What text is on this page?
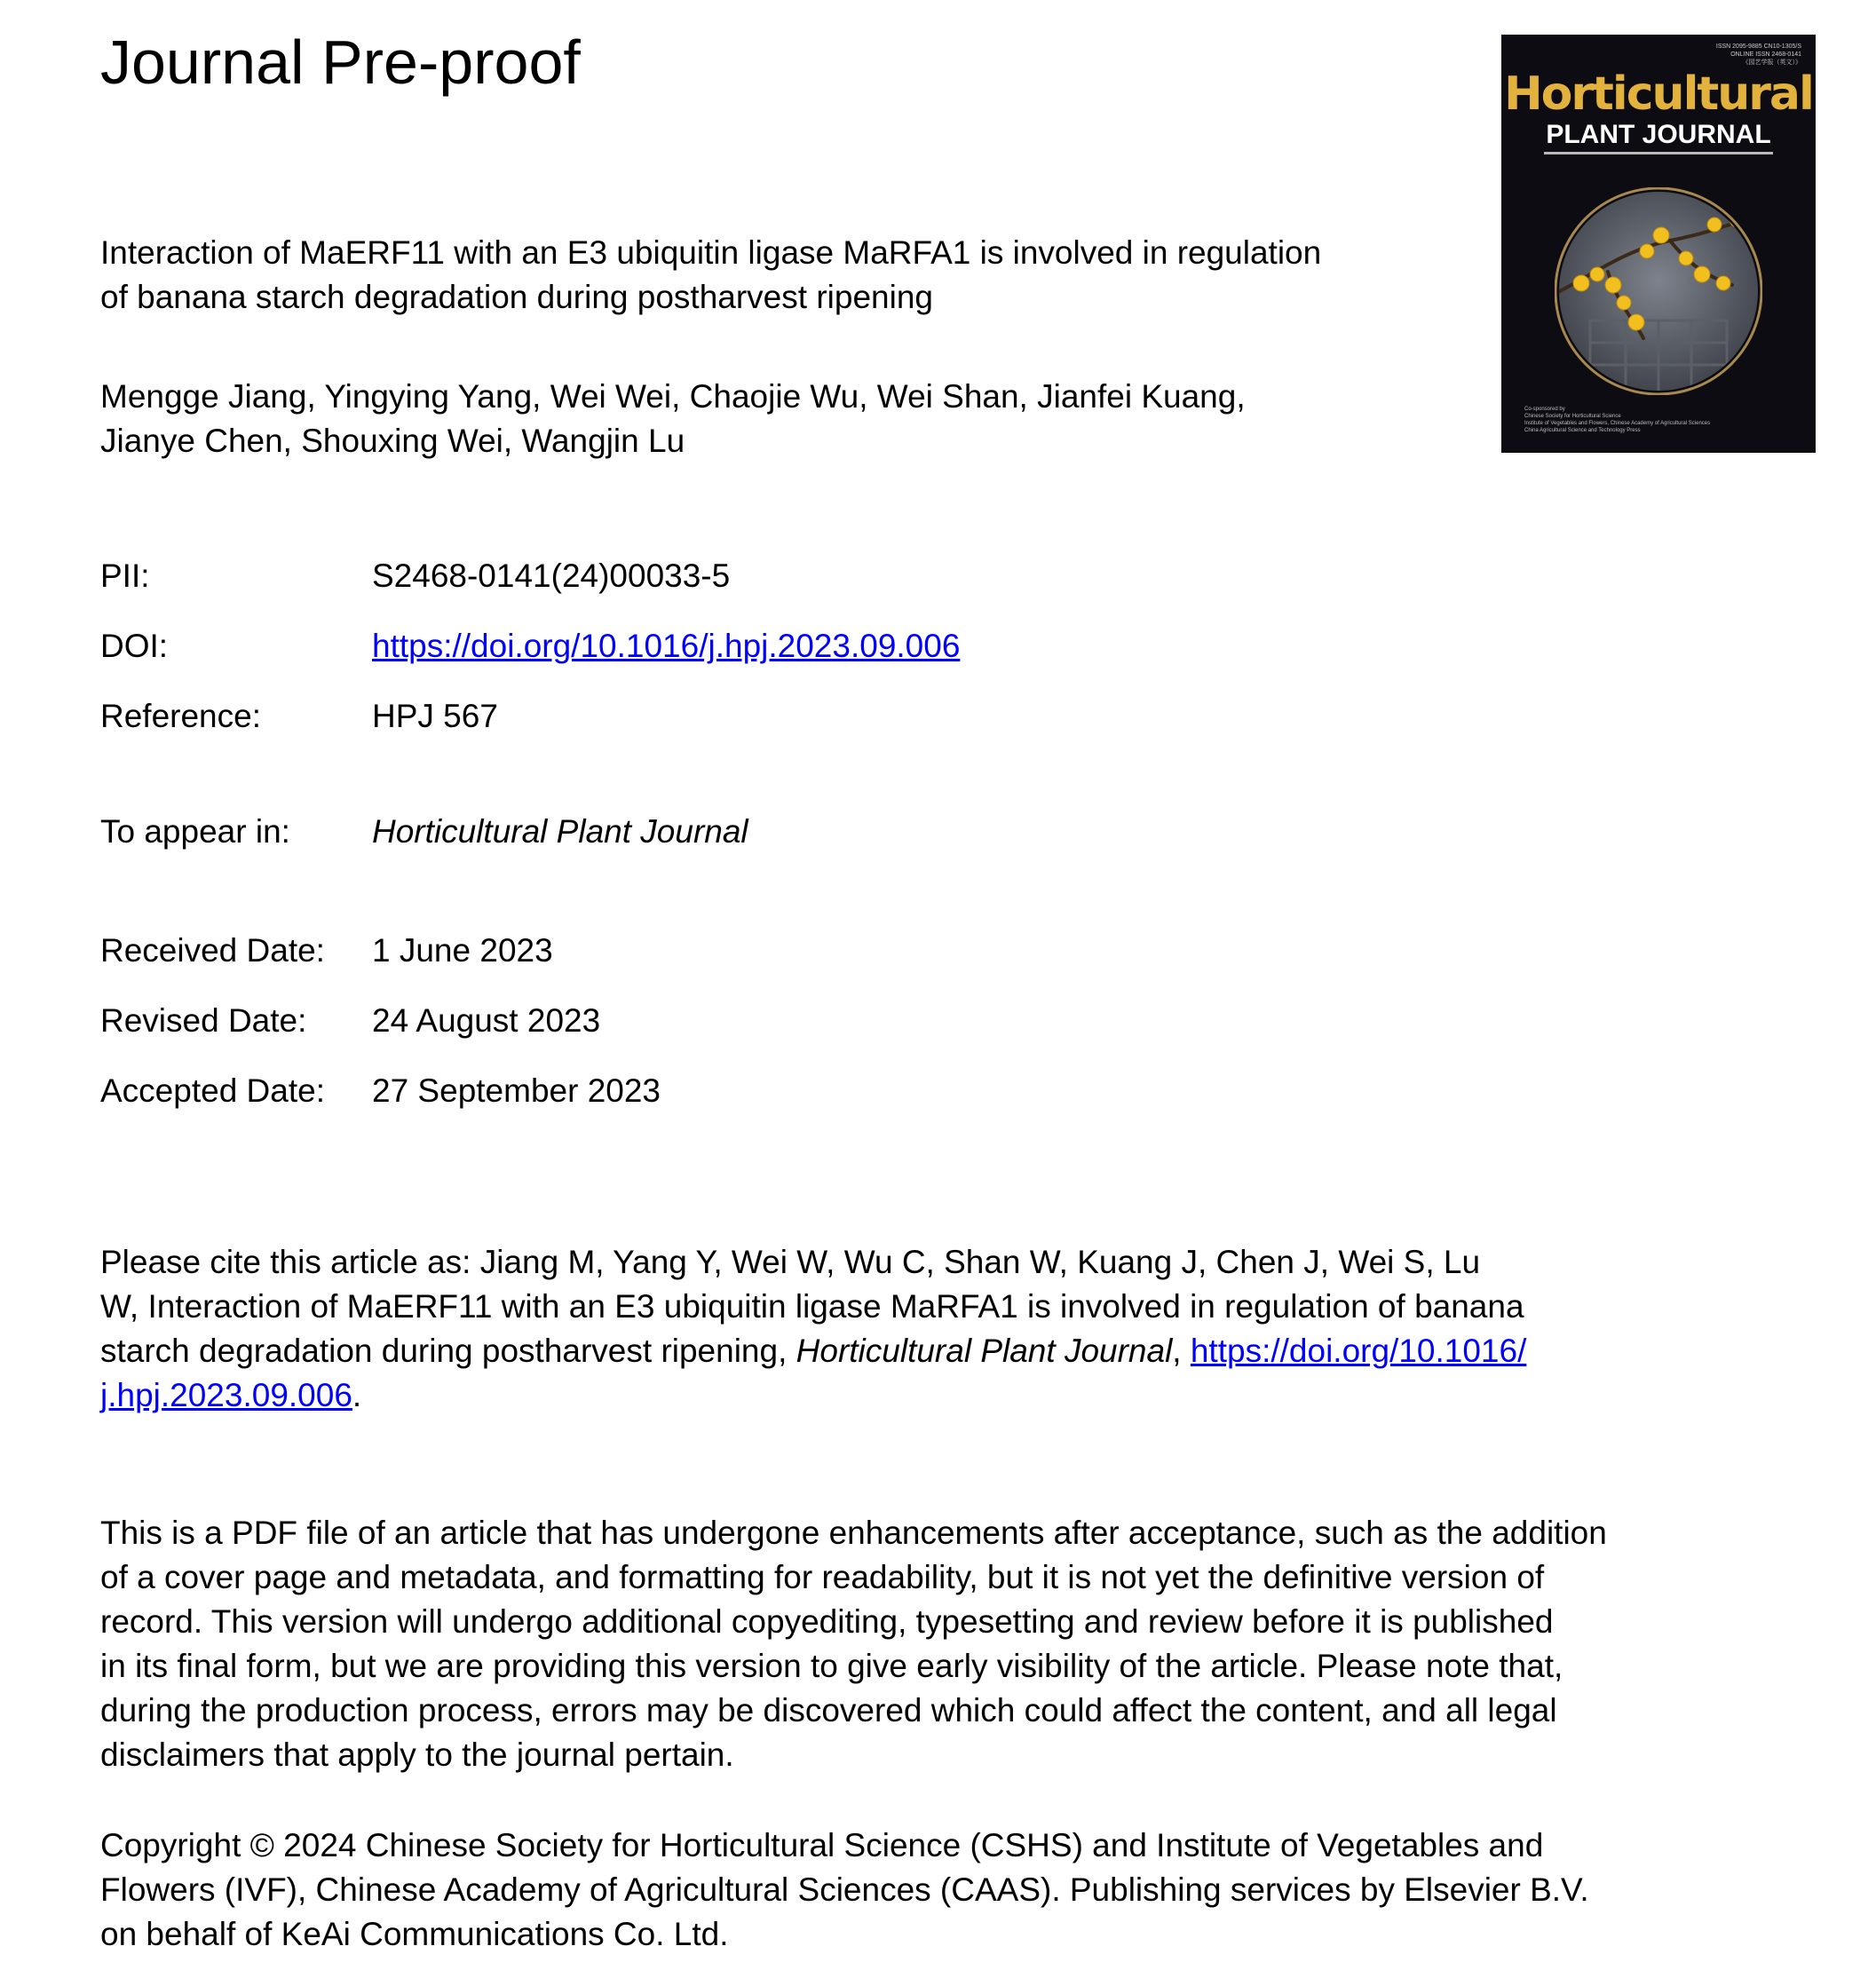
Journal Pre-proof	ISSN 2095-9885 CN10-1305/S
ONLINE ISSN 2468-0141
《园艺学报（英文）》
Horticultural
PLANT JOURNAL
Co-sponsored by
Chinese Society for Horticultural Science
Institute of Vegetables and Flowers, Chinese Academy of Agricultural Sciences
China Agricultural Science and Technology Press
Interaction of MaERF11 with an E3 ubiquitin ligase MaRFA1 is involved in regulation
of banana starch degradation during postharvest ripening

Mengge Jiang, Yingying Yang, Wei Wei, Chaojie Wu, Wei Shan, Jianfei Kuang,
Jianye Chen, Shouxing Wei, Wangjin Lu

PII:	S2468-0141(24)00033-5
DOI:	https://doi.org/10.1016/j.hpj.2023.09.006
Reference:	HPJ 567
To appear in: Horticultural Plant Journal
Received Date: 1 June 2023
Revised Date: 24 August 2023
Accepted Date: 27 September 2023

Please cite this article as: Jiang M, Yang Y, Wei W, Wu C, Shan W, Kuang J, Chen J, Wei S, Lu
W, Interaction of MaERF11 with an E3 ubiquitin ligase MaRFA1 is involved in regulation of banana
starch degradation during postharvest ripening, Horticultural Plant Journal, https://doi.org/10.1016/
j.hpj.2023.09.006.

This is a PDF file of an article that has undergone enhancements after acceptance, such as the addition
of a cover page and metadata, and formatting for readability, but it is not yet the definitive version of
record. This version will undergo additional copyediting, typesetting and review before it is published
in its final form, but we are providing this version to give early visibility of the article. Please note that,
during the production process, errors may be discovered which could affect the content, and all legal
disclaimers that apply to the journal pertain.

Copyright © 2024 Chinese Society for Horticultural Science (CSHS) and Institute of Vegetables and
Flowers (IVF), Chinese Academy of Agricultural Sciences (CAAS). Publishing services by Elsevier B.V.
on behalf of KeAi Communications Co. Ltd.
